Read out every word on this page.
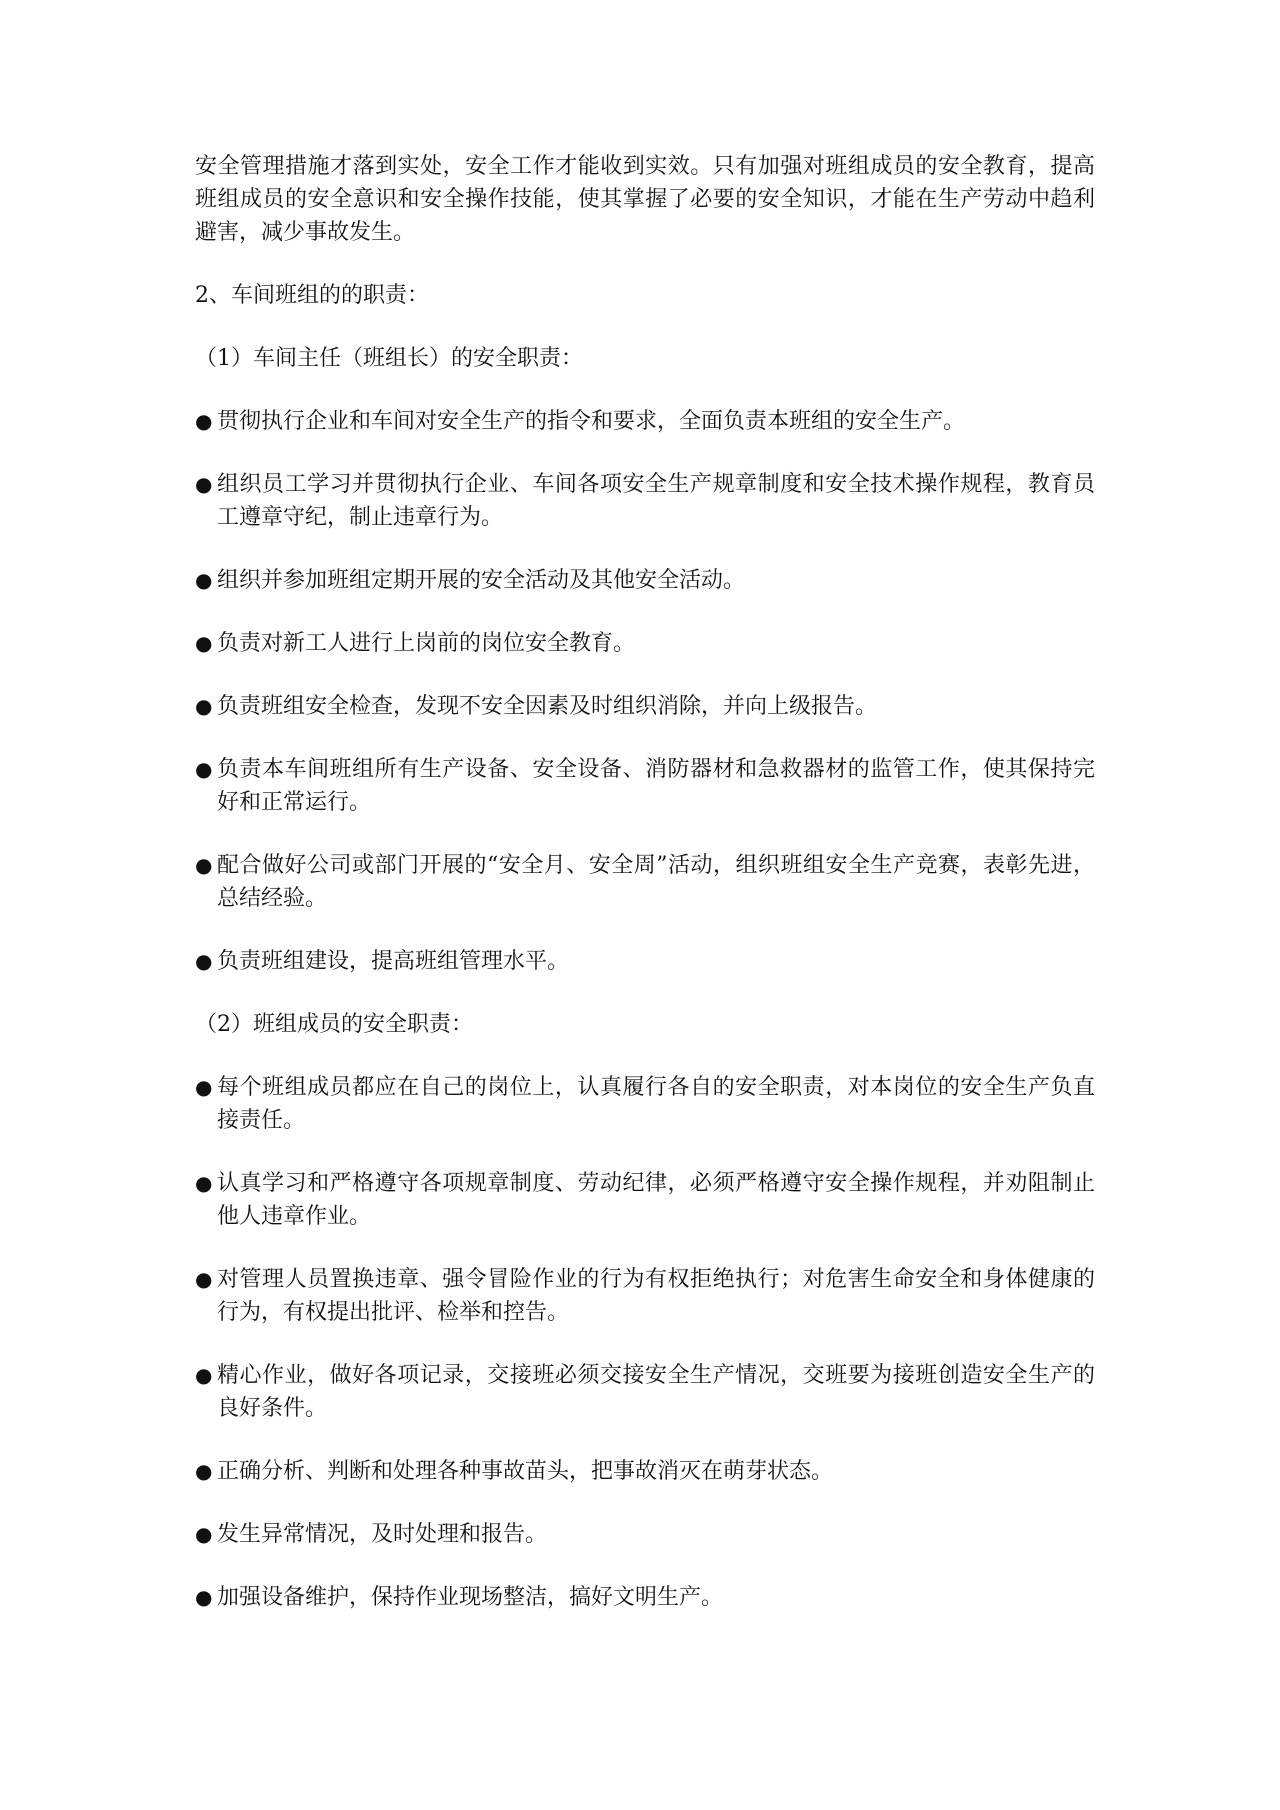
安全管理措施才落到实处，安全工作才能收到实效。只有加强对班组成员的安全教育，提高班组成员的安全意识和安全操作技能，使其掌握了必要的安全知识，才能在生产劳动中趋利避害，减少事故发生。

2、车间班组的的职责：

（1）车间主任（班组长）的安全职责：

● 贯彻执行企业和车间对安全生产的指令和要求，全面负责本班组的安全生产。
● 组织员工学习并贯彻执行企业、车间各项安全生产规章制度和安全技术操作规程，教育员工遵章守纪，制止违章行为。
● 组织并参加班组定期开展的安全活动及其他安全活动。
● 负责对新工人进行上岗前的岗位安全教育。
● 负责班组安全检查，发现不安全因素及时组织消除，并向上级报告。
● 负责本车间班组所有生产设备、安全设备、消防器材和急救器材的监管工作，使其保持完好和正常运行。
● 配合做好公司或部门开展的“安全月、安全周”活动，组织班组安全生产竞赛，表彰先进，总结经验。
● 负责班组建设，提高班组管理水平。

（2）班组成员的安全职责：

● 每个班组成员都应在自己的岗位上，认真履行各自的安全职责，对本岗位的安全生产负直接责任。
● 认真学习和严格遵守各项规章制度、劳动纪律，必须严格遵守安全操作规程，并劝阻制止他人违章作业。
● 对管理人员置换违章、强令冒险作业的行为有权拒绝执行；对危害生命安全和身体健康的行为，有权提出批评、检举和控告。
● 精心作业，做好各项记录，交接班必须交接安全生产情况，交班要为接班创造安全生产的良好条件。
● 正确分析、判断和处理各种事故苗头，把事故消灭在萌芽状态。
● 发生异常情况，及时处理和报告。
● 加强设备维护，保持作业现场整洁，搞好文明生产。
